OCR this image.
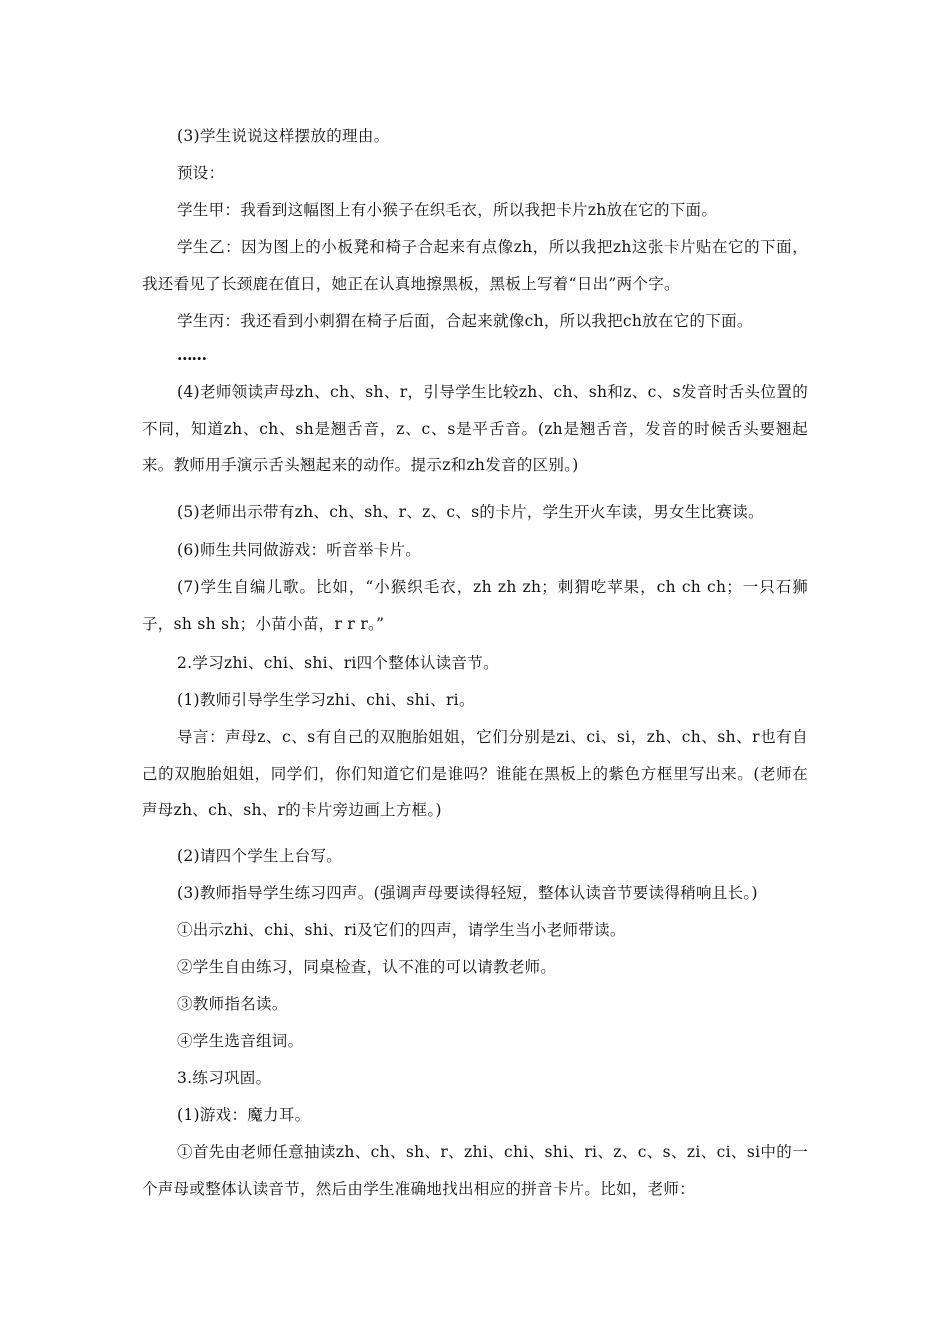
(3)学生说说这样摆放的理由。

预设：

学生甲：我看到这幅图上有小猴子在织毛衣，所以我把卡片zh放在它的下面。

学生乙：因为图上的小板凳和椅子合起来有点像zh，所以我把zh这张卡片贴在它的下面，我还看见了长颈鹿在值日，她正在认真地擦黑板，黑板上写着“日出”两个字。

学生丙：我还看到小刺猬在椅子后面，合起来就像ch，所以我把ch放在它的下面。

……

(4)老师领读声母zh、ch、sh、r，引导学生比较zh、ch、sh和z、c、s发音时舌头位置的不同，知道zh、ch、sh是翘舌音，z、c、s是平舌音。(zh是翘舌音，发音的时候舌头要翘起来。教师用手演示舌头翘起来的动作。提示z和zh发音的区别。)

(5)老师出示带有zh、ch、sh、r、z、c、s的卡片，学生开火车读，男女生比赛读。

(6)师生共同做游戏：听音举卡片。

(7)学生自编儿歌。比如，“小猴织毛衣，zh zh zh；刺猬吃苹果，ch ch ch；一只石狮子，sh sh sh；小苗小苗，r r r。”

2.学习zhi、chi、shi、ri四个整体认读音节。

(1)教师引导学生学习zhi、chi、shi、ri。

导言：声母z、c、s有自己的双胞胎姐姐，它们分别是zi、ci、si，zh、ch、sh、r也有自己的双胞胎姐姐，同学们，你们知道它们是谁吗？谁能在黑板上的紫色方框里写出来。(老师在声母zh、ch、sh、r的卡片旁边画上方框。)

(2)请四个学生上台写。

(3)教师指导学生练习四声。(强调声母要读得轻短，整体认读音节要读得稍响且长。)

①出示zhi、chi、shi、ri及它们的四声，请学生当小老师带读。

②学生自由练习，同桌检查，认不准的可以请教老师。

③教师指名读。

④学生选音组词。

3.练习巩固。

(1)游戏：魔力耳。

①首先由老师任意抽读zh、ch、sh、r、zhi、chi、shi、ri、z、c、s、zi、ci、si中的一个声母或整体认读音节，然后由学生准确地找出相应的拼音卡片。比如，老师：
